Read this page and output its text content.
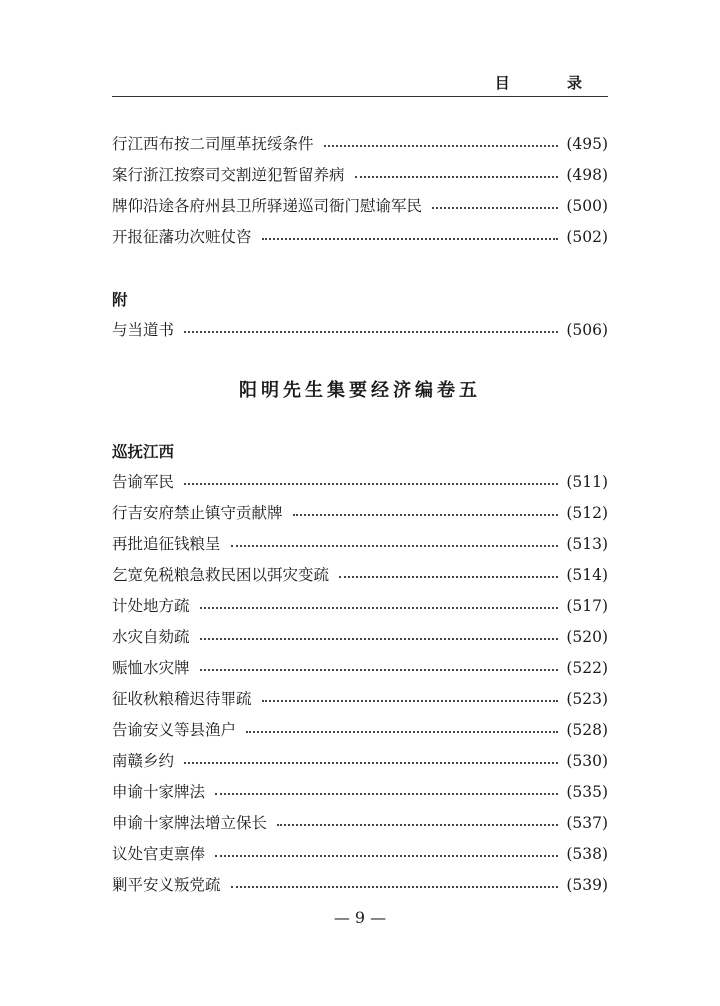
目 录
行江西布按二司厘革抚绥条件	(495)
案行浙江按察司交割逆犯暂留养病	(498)
牌仰沿途各府州县卫所驿递巡司衙门慰谕军民	(500)
开报征藩功次赃仗咨	(502)
附
与当道书	(506)
阳明先生集要经济编卷五
巡抚江西
告谕军民	(511)
行吉安府禁止镇守贡献牌	(512)
再批追征钱粮呈	(513)
乞宽免税粮急救民困以弭灾变疏	(514)
计处地方疏	(517)
水灾自劾疏	(520)
赈恤水灾牌	(522)
征收秋粮稽迟待罪疏	(523)
告谕安义等县渔户	(528)
南赣乡约	(530)
申谕十家牌法	(535)
申谕十家牌法增立保长	(537)
议处官吏禀俸	(538)
剿平安义叛党疏	(539)
— 9 —
